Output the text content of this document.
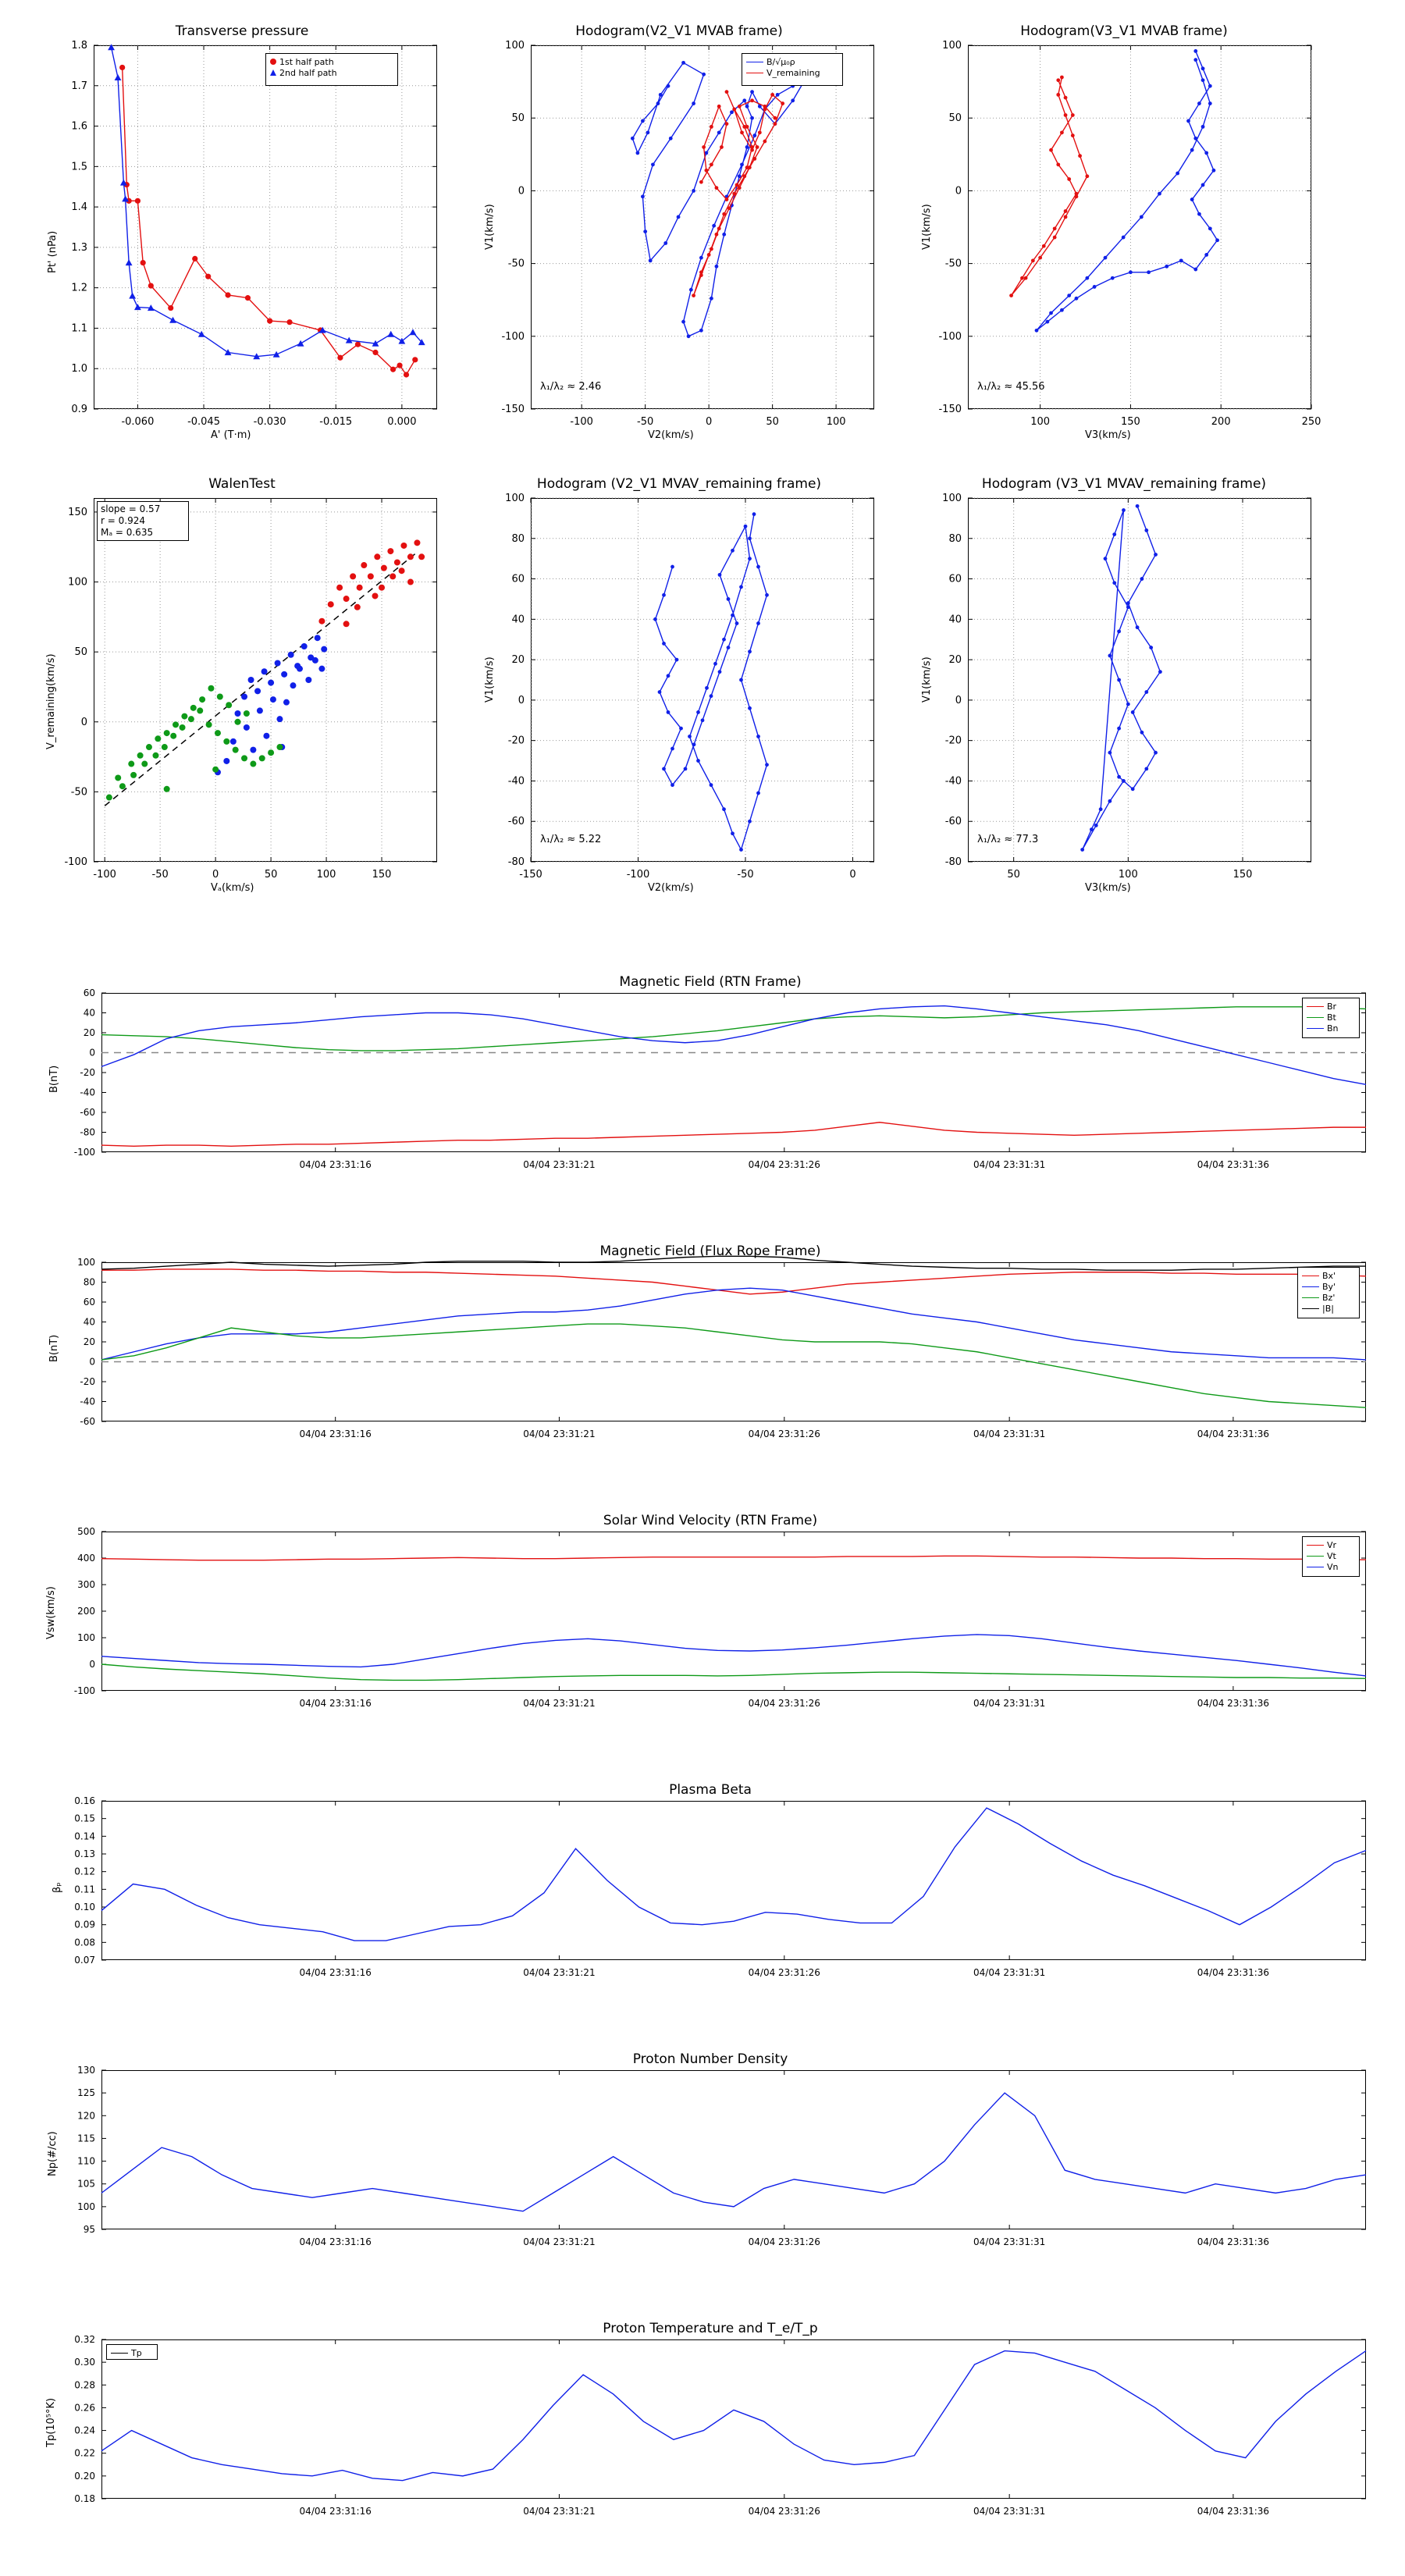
Transverse pressure
Pt' (nPa)
A' (T·m)
-0.060	-0.045	-0.030	-0.015	0.000
0.9
1.0
1.1
1.2
1.3
1.4
1.5
1.6
1.7
1.8
1st half path
2nd half path
Hodogram(V2_V1 MVAB frame)
V1(km/s)
V2(km/s)
-100	-50	0	50	100
-150
-100
-50
0
50
100
λ₁/λ₂ ≈ 2.46
B/√μ₀ρ
V_remaining
Hodogram(V3_V1 MVAB frame)
V1(km/s)
V3(km/s)
100	150	200	250
-150
-100
-50
0
50
100
λ₁/λ₂ ≈ 45.56
WalenTest
V_remaining(km/s)
Vₐ(km/s)
-100	-50	0	50	100	150
-100
-50
0
50
100
150 slope = 0.57
r = 0.924
Mₐ = 0.635
Hodogram (V2_V1 MVAV_remaining frame)
V1(km/s)
V2(km/s)
-150	-100	-50	0
-80
-60
-40
-20
0
20
40
60
80
100
λ₁/λ₂ ≈ 5.22
Hodogram (V3_V1 MVAV_remaining frame)
V1(km/s)
V3(km/s)
50	100	150
-80
-60
-40
-20
0
20
40
60
80
100
λ₁/λ₂ ≈ 77.3
Magnetic Field (RTN Frame)
B(nT)
-100
-80
-60
-40
-20
0
20
40
60
04/04 23:31:16	04/04 23:31:21	04/04 23:31:26	04/04 23:31:31	04/04 23:31:36
Br
Bt
Bn
Magnetic Field (Flux Rope Frame)
B(nT)
-60
-40
-20
0
20
40
60
80
100
04/04 23:31:16	04/04 23:31:21	04/04 23:31:26	04/04 23:31:31	04/04 23:31:36
Bx'
By'
Bz'
|B|
Solar Wind Velocity (RTN Frame)
Vsw(km/s)
-100
0
100
200
300
400
500
04/04 23:31:16	04/04 23:31:21	04/04 23:31:26	04/04 23:31:31	04/04 23:31:36
Vr
Vt
Vn
Plasma Beta
βₚ
0.07
0.08
0.09
0.10
0.11
0.12
0.13
0.14
0.15
0.16
04/04 23:31:16	04/04 23:31:21	04/04 23:31:26	04/04 23:31:31	04/04 23:31:36
Proton Number Density
Np(#/cc)
95
100
105
110
115
120
125
130
04/04 23:31:16	04/04 23:31:21	04/04 23:31:26	04/04 23:31:31	04/04 23:31:36
Proton Temperature and T_e/T_p
Tp(10⁵°K)
0.18
0.20
0.22
0.24
0.26
0.28
0.30
0.32
04/04 23:31:16	04/04 23:31:21	04/04 23:31:26	04/04 23:31:31	04/04 23:31:36
Tp
